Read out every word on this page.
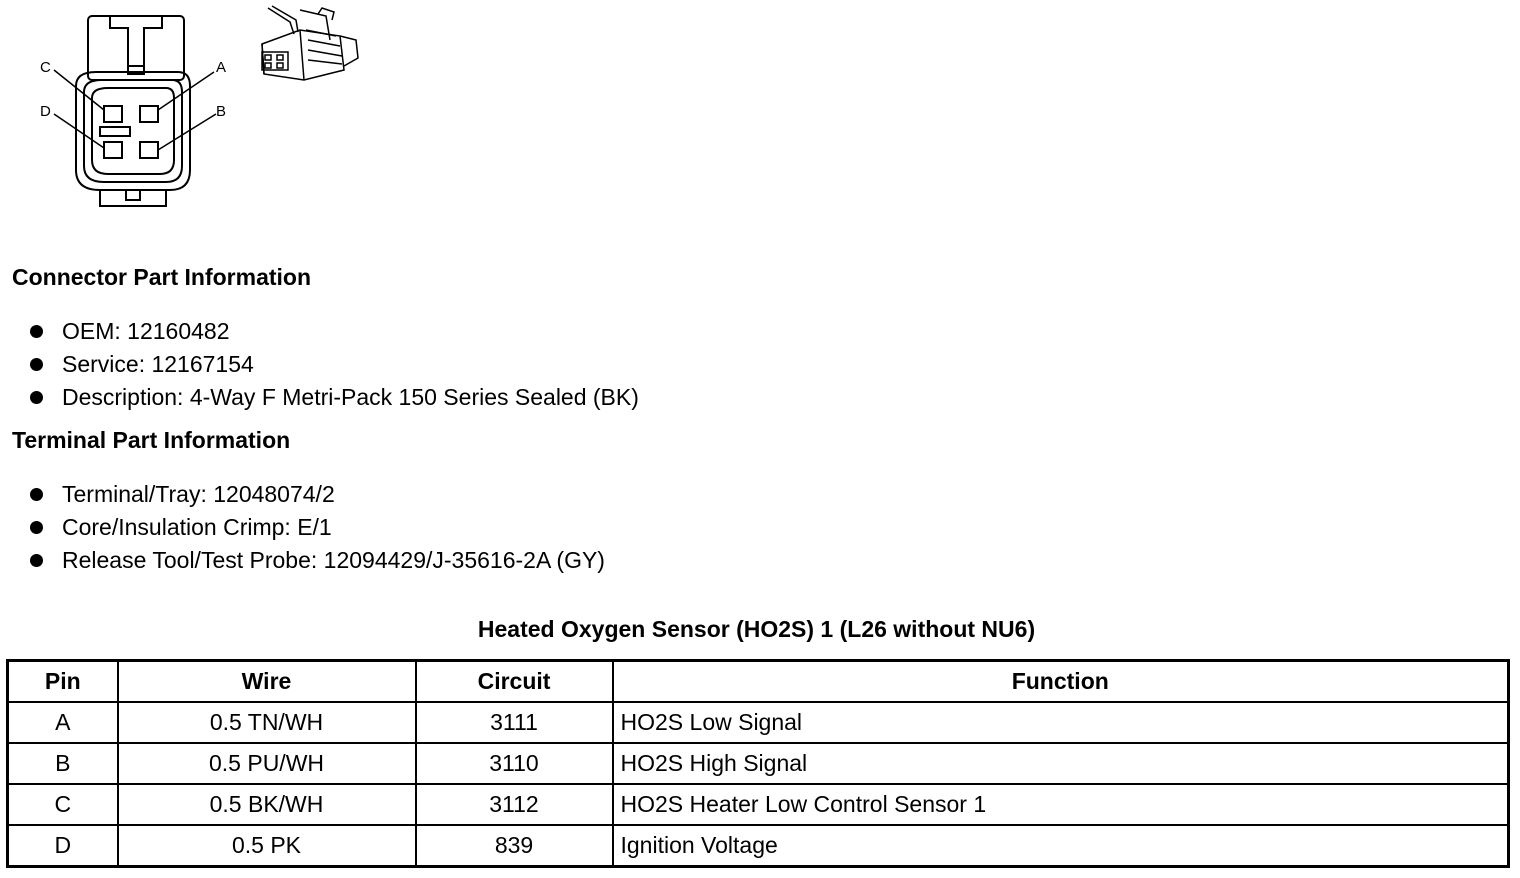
C	A
D	B
Connector Part Information
OEM: 12160482
Service: 12167154
Description: 4-Way F Metri-Pack 150 Series Sealed (BK)
Terminal Part Information
Terminal/Tray: 12048074/2
Core/Insulation Crimp: E/1
Release Tool/Test Probe: 12094429/J-35616-2A (GY)
Heated Oxygen Sensor (HO2S) 1 (L26 without NU6)
Pin	Wire	Circuit	Function
A	0.5 TN/WH	3111	HO2S Low Signal
B	0.5 PU/WH	3110	HO2S High Signal
C	0.5 BK/WH	3112	HO2S Heater Low Control Sensor 1
D	0.5 PK	839	Ignition Voltage
